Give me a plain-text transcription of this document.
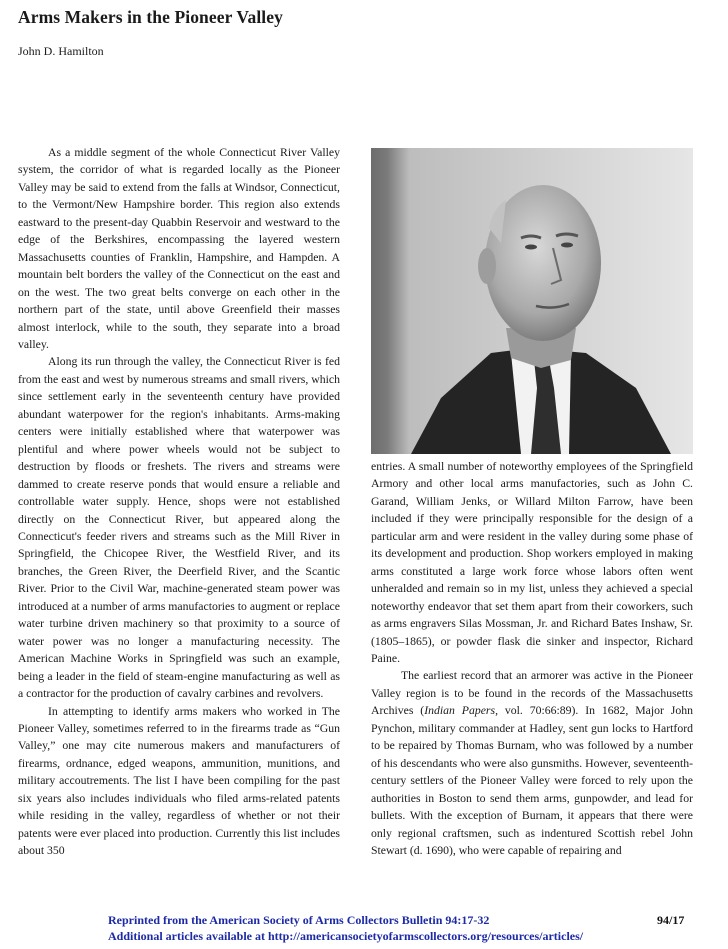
Arms Makers in the Pioneer Valley
John D. Hamilton

As a middle segment of the whole Connecticut River Valley system, the corridor of what is regarded locally as the Pioneer Valley may be said to extend from the falls at Windsor, Connecticut, to the Vermont/New Hampshire border. This region also extends eastward to the present-day Quabbin Reservoir and westward to the edge of the Berkshires, encompassing the layered western Massachusetts counties of Franklin, Hampshire, and Hampden. A mountain belt borders the valley of the Connecticut on the east and on the west. The two great belts converge on each other in the northern part of the state, until above Greenfield their masses almost interlock, while to the south, they separate into a broad valley.

Along its run through the valley, the Connecticut River is fed from the east and west by numerous streams and small rivers, which since settlement early in the seventeenth century have provided abundant waterpower for the region's inhabitants. Arms-making centers were initially established where that waterpower was plentiful and where power wheels would not be subject to destruction by floods or freshets. The rivers and streams were dammed to create reserve ponds that would ensure a reliable and controllable water supply. Hence, shops were not established directly on the Connecticut River, but appeared along the Connecticut's feeder rivers and streams such as the Mill River in Springfield, the Chicopee River, the Westfield River, and its branches, the Green River, the Deerfield River, and the Scantic River. Prior to the Civil War, machine-generated steam power was introduced at a number of arms manufactories to augment or replace water turbine driven machinery so that proximity to a source of water power was no longer a manufacturing necessity. The American Machine Works in Springfield was such an example, being a leader in the field of steam-engine manufacturing as well as a contractor for the production of cavalry carbines and revolvers.

In attempting to identify arms makers who worked in The Pioneer Valley, sometimes referred to in the firearms trade as “Gun Valley,” one may cite numerous makers and manufacturers of firearms, ordnance, edged weapons, ammunition, munitions, and military accoutrements. The list I have been compiling for the past six years also includes individuals who filed arms-related patents while residing in the valley, regardless of whether or not their patents were ever placed into production. Currently this list includes about 350

entries. A small number of noteworthy employees of the Springfield Armory and other local arms manufactories, such as John C. Garand, William Jenks, or Willard Milton Farrow, have been included if they were principally responsible for the design of a particular arm and were resident in the valley during some phase of its development and production. Shop workers employed in making arms constituted a large work force whose labors often went unheralded and remain so in my list, unless they achieved a special noteworthy endeavor that set them apart from their coworkers, such as arms engravers Silas Mossman, Jr. and Richard Bates Inshaw, Sr. (1805–1865), or powder flask die sinker and inspector, Richard Paine.

The earliest record that an armorer was active in the Pioneer Valley region is to be found in the records of the Massachusetts Archives (Indian Papers, vol. 70:66:89). In 1682, Major John Pynchon, military commander at Hadley, sent gun locks to Hartford to be repaired by Thomas Burnam, who was followed by a number of his descendants who were also gunsmiths. However, seventeenth-century settlers of the Pioneer Valley were forced to rely upon the authorities in Boston to send them arms, gunpowder, and lead for bullets. With the exception of Burnam, it appears that there were only regional craftsmen, such as indentured Scottish rebel John Stewart (d. 1690), who were capable of repairing and

Reprinted from the American Society of Arms Collectors Bulletin 94:17-32
Additional articles available at http://americansocietyofarmscollectors.org/resources/articles/
94/17
